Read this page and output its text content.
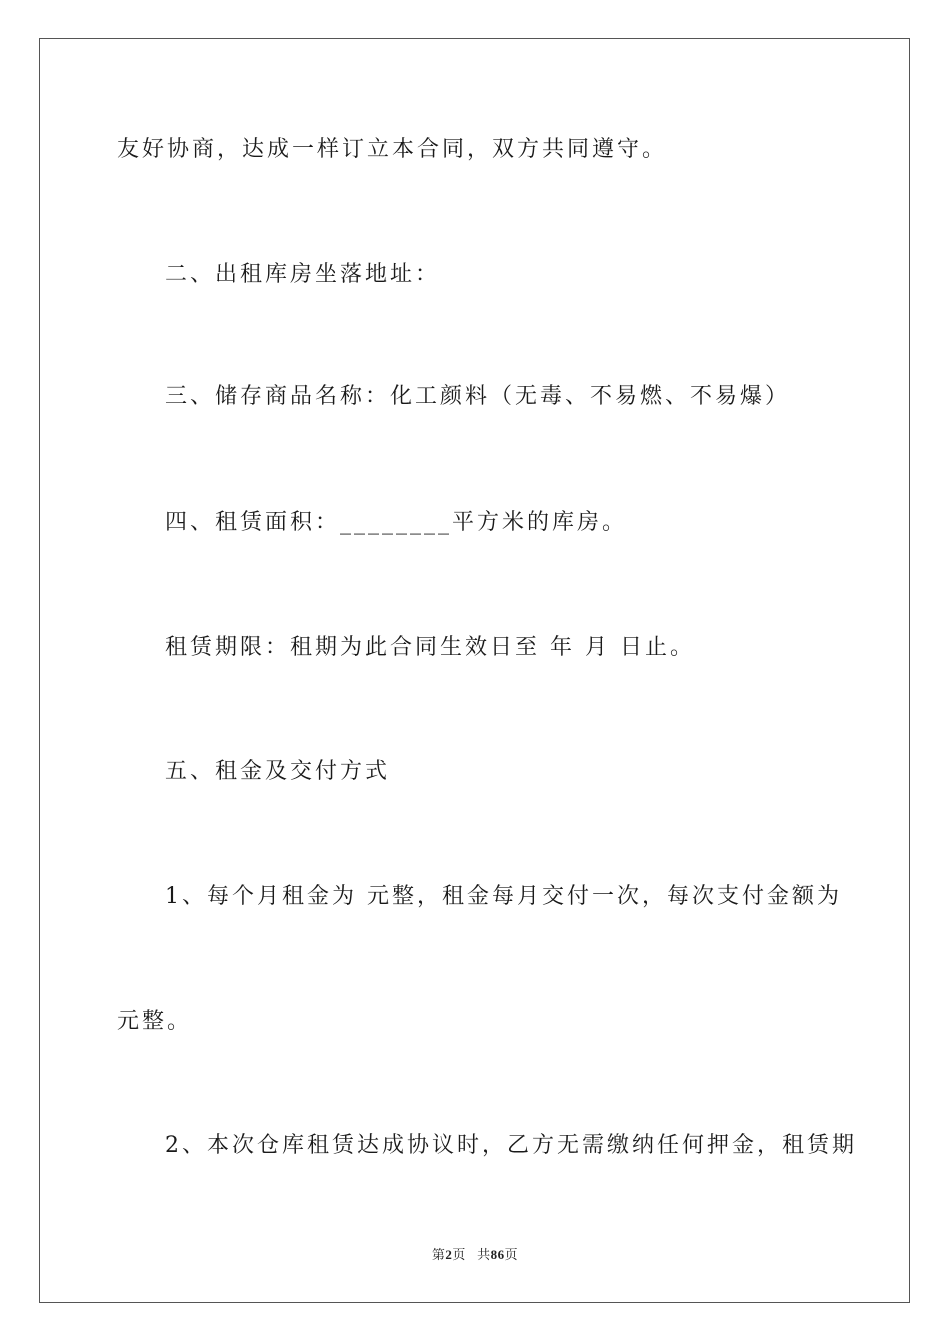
友好协商，达成一样订立本合同，双方共同遵守。

二、出租库房坐落地址：

三、储存商品名称：化工颜料（无毒、不易燃、不易爆）

四、租赁面积：________平方米的库房。

租赁期限：租期为此合同生效日至 年 月 日止。

五、租金及交付方式

1、每个月租金为 元整，租金每月交付一次，每次支付金额为

元整。

2、本次仓库租赁达成协议时，乙方无需缴纳任何押金，租赁期

第2页 共86页
